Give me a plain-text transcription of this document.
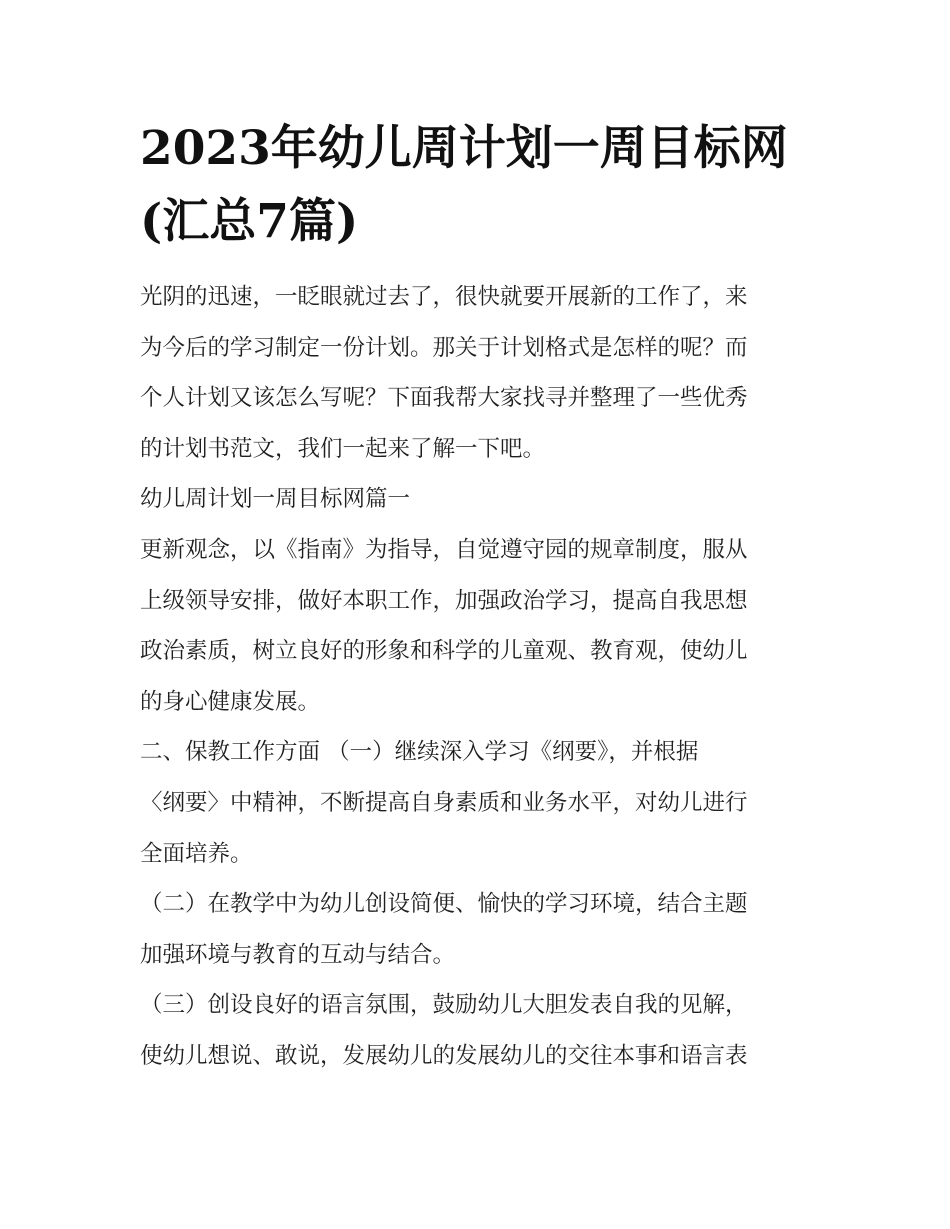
2023年幼儿周计划一周目标网
(汇总7篇)

光阴的迅速，一眨眼就过去了，很快就要开展新的工作了，来
为今后的学习制定一份计划。那关于计划格式是怎样的呢？而
个人计划又该怎么写呢？下面我帮大家找寻并整理了一些优秀
的计划书范文，我们一起来了解一下吧。

幼儿周计划一周目标网篇一

更新观念，以《指南》为指导，自觉遵守园的规章制度，服从
上级领导安排，做好本职工作，加强政治学习，提高自我思想
政治素质，树立良好的形象和科学的儿童观、教育观，使幼儿
的身心健康发展。

二、保教工作方面 （一）继续深入学习《纲要》，并根据
〈纲要〉中精神，不断提高自身素质和业务水平，对幼儿进行
全面培养。

（二）在教学中为幼儿创设简便、愉快的学习环境，结合主题
加强环境与教育的互动与结合。

（三）创设良好的语言氛围，鼓励幼儿大胆发表自我的见解，
使幼儿想说、敢说，发展幼儿的发展幼儿的交往本事和语言表
